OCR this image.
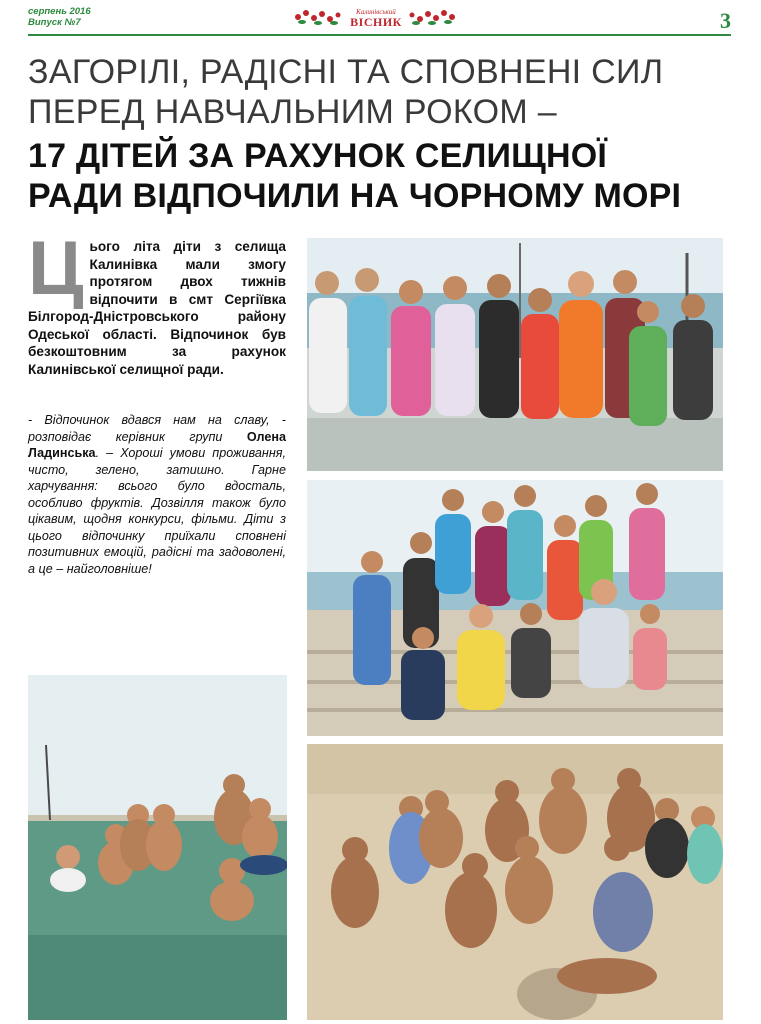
серпень 2016
Випуск №7
Калинівський
ВІСНИК	3
ЗАГОРІЛІ, РАДІСНІ ТА СПОВНЕНІ СИЛ
ПЕРЕД НАВЧАЛЬНИМ РОКОМ –
17 ДІТЕЙ ЗА РАХУНОК СЕЛИЩНОЇ
РАДИ ВІДПОЧИЛИ НА ЧОРНОМУ МОРІ
Цього літа діти з селища Калинівка мали змогу протягом двох тижнів відпочити в смт Сергіївка Білгород-Дністровського району Одеської області. Відпочинок був безкоштовним за рахунок Калинівської селищної ради.
- Відпочинок вдався нам на славу, - розповідає керівник групи Олена Ладинська. – Хороші умови проживання, чисто, зелено, затишно. Гарне харчування: всього було вдосталь, особливо фруктів. Дозвілля також було цікавим, щодня конкурси, фільми. Діти з цього відпочинку приїхали сповнені позитивних емоцій, радісні та задоволені, а це – найголовніше!
